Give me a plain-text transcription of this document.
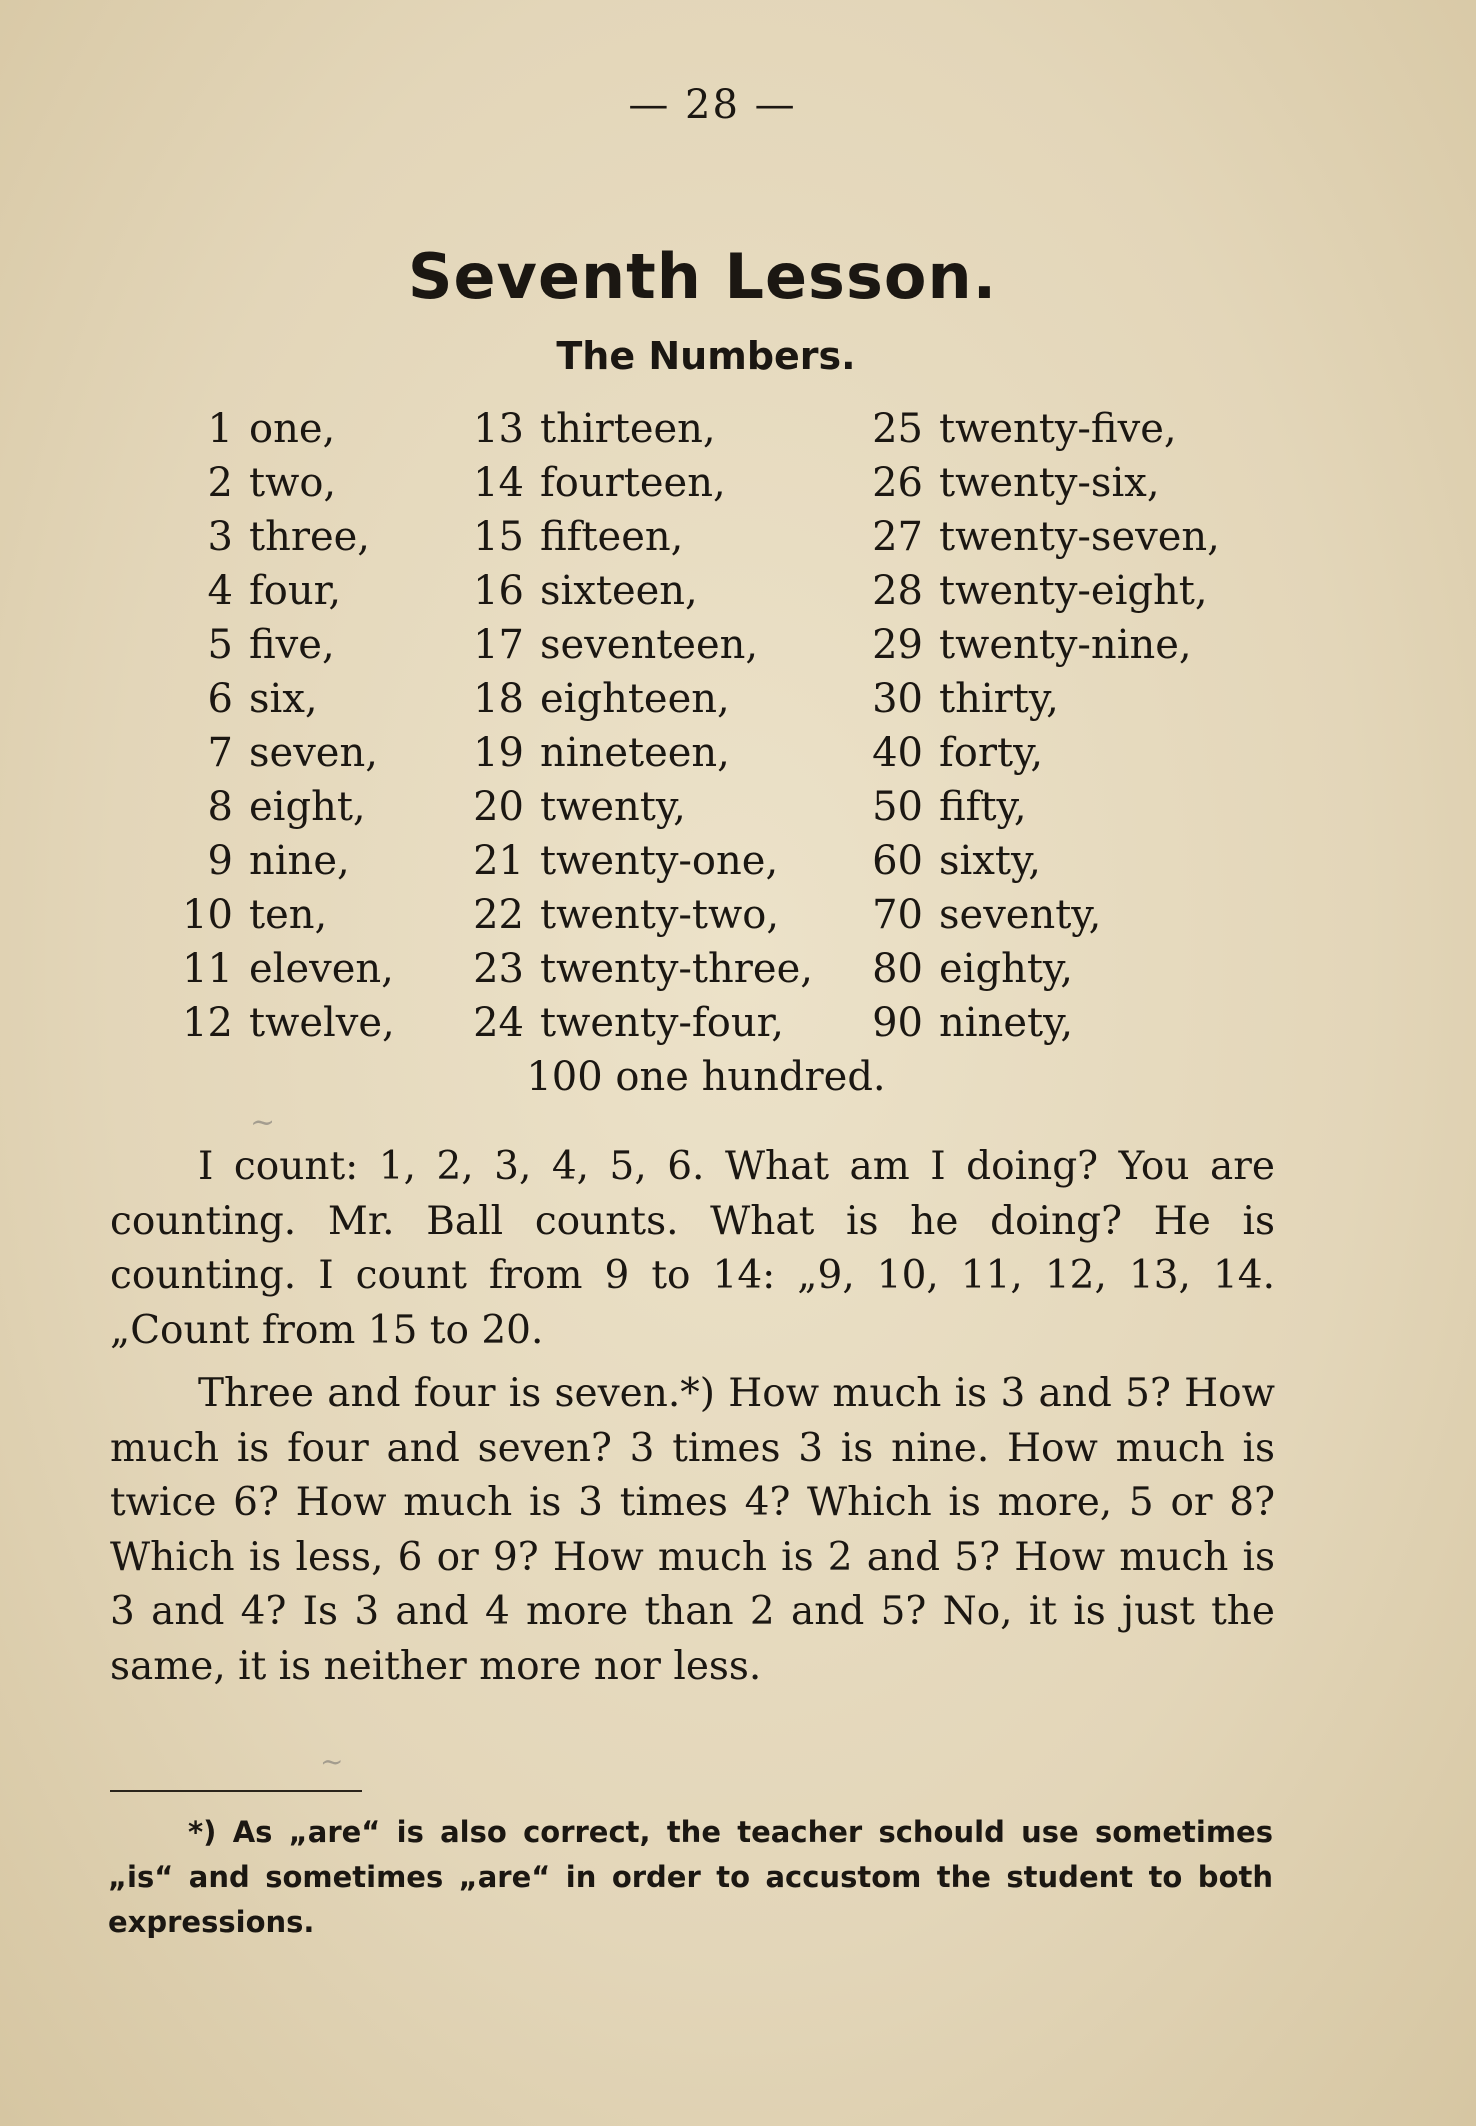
— 28 —
Seventh Lesson.
The Numbers.
1 one,
2 two,
3 three,
4 four,
5 five,
6 six,
7 seven,
8 eight,
9 nine,
10 ten,
11 eleven,
12 twelve,
13 thirteen,
14 fourteen,
15 fifteen,
16 sixteen,
17 seventeen,
18 eighteen,
19 nineteen,
20 twenty,
21 twenty-one,
22 twenty-two,
23 twenty-three,
24 twenty-four,
25 twenty-five,
26 twenty-six,
27 twenty-seven,
28 twenty-eight,
29 twenty-nine,
30 thirty,
40 forty,
50 fifty,
60 sixty,
70 seventy,
80 eighty,
90 ninety,
100 one hundred.
I count: 1, 2, 3, 4, 5, 6. What am I doing? You are counting. Mr. Ball counts. What is he doing? He is counting. I count from 9 to 14: „9, 10, 11, 12, 13, 14. „Count from 15 to 20.
Three and four is seven.*) How much is 3 and 5? How much is four and seven? 3 times 3 is nine. How much is twice 6? How much is 3 times 4? Which is more, 5 or 8? Which is less, 6 or 9? How much is 2 and 5? How much is 3 and 4? Is 3 and 4 more than 2 and 5? No, it is just the same, it is neither more nor less.
*) As „are“ is also correct, the teacher schould use sometimes „is“ and sometimes „are“ in order to accustom the student to both expressions.
~
~
